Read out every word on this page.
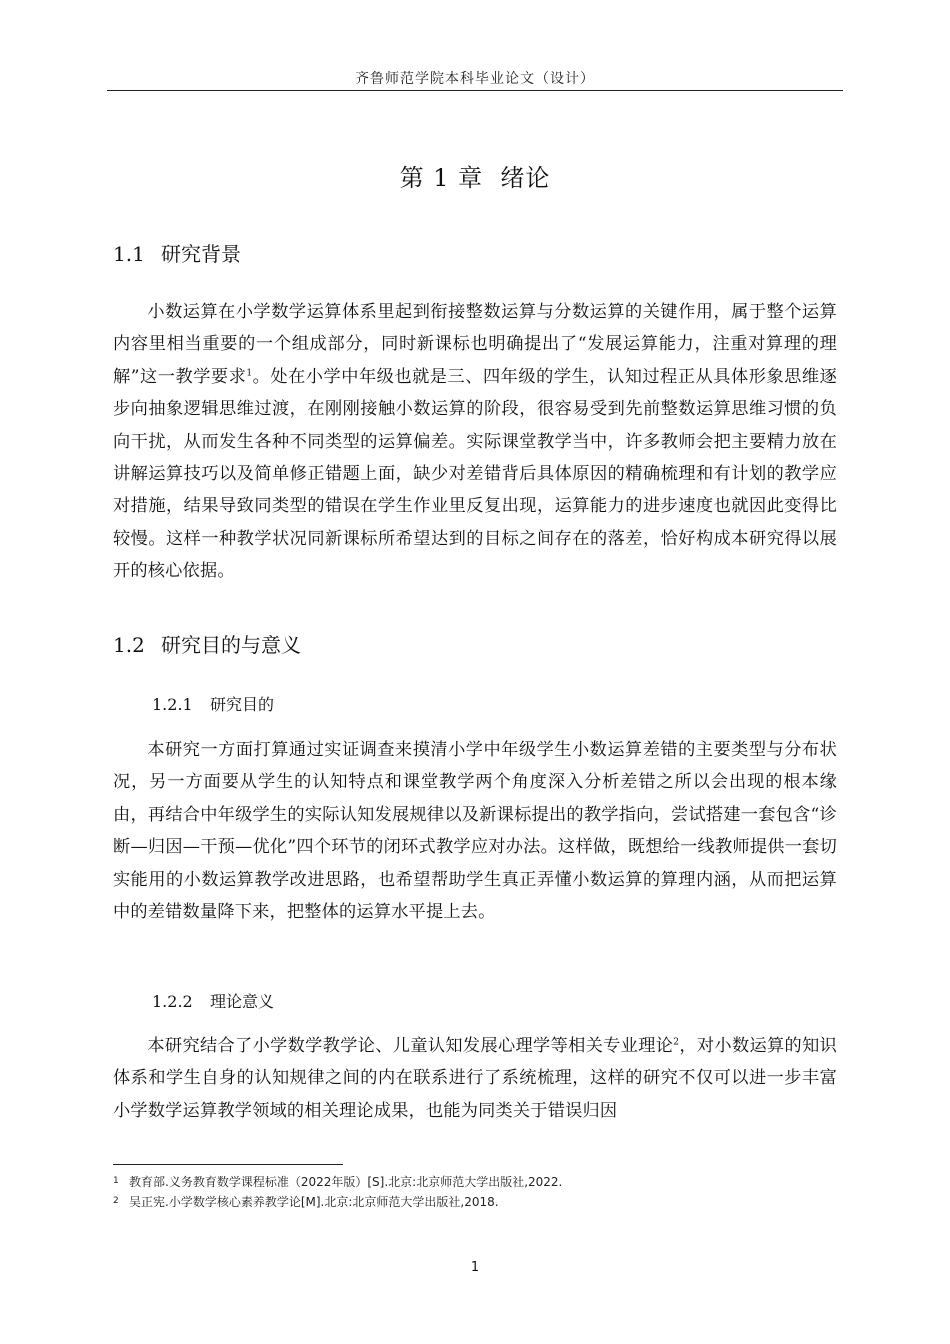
齐鲁师范学院本科毕业论文（设计）
第 1 章 绪论
1.1 研究背景
小数运算在小学数学运算体系里起到衔接整数运算与分数运算的关键作用，属于整个运算内容里相当重要的一个组成部分，同时新课标也明确提出了“发展运算能力，注重对算理的理解”这一教学要求$^1$。处在小学中年级也就是三、四年级的学生，认知过程正从具体形象思维逐步向抽象逻辑思维过渡，在刚刚接触小数运算的阶段，很容易受到先前整数运算思维习惯的负向干扰，从而发生各种不同类型的运算偏差。实际课堂教学当中，许多教师会把主要精力放在讲解运算技巧以及简单修正错题上面，缺少对差错背后具体原因的精确梳理和有计划的教学应对措施，结果导致同类型的错误在学生作业里反复出现，运算能力的进步速度也就因此变得比较慢。这样一种教学状况同新课标所希望达到的目标之间存在的落差，恰好构成本研究得以展开的核心依据。
1.2 研究目的与意义
1.2.1 研究目的
本研究一方面打算通过实证调查来摸清小学中年级学生小数运算差错的主要类型与分布状况，另一方面要从学生的认知特点和课堂教学两个角度深入分析差错之所以会出现的根本缘由，再结合中年级学生的实际认知发展规律以及新课标提出的教学指向，尝试搭建一套包含“诊断—归因—干预—优化”四个环节的闭环式教学应对办法。这样做，既想给一线教师提供一套切实能用的小数运算教学改进思路，也希望帮助学生真正弄懂小数运算的算理内涵，从而把运算中的差错数量降下来，把整体的运算水平提上去。
1.2.2 理论意义
本研究结合了小学数学教学论、儿童认知发展心理学等相关专业理论$^2$，对小数运算的知识体系和学生自身的认知规律之间的内在联系进行了系统梳理，这样的研究不仅可以进一步丰富小学数学运算教学领域的相关理论成果，也能为同类关于错误归因
1 教育部.义务教育数学课程标准（2022年版）[S].北京:北京师范大学出版社,2022.
2 吴正宪.小学数学核心素养教学论[M].北京:北京师范大学出版社,2018.
1
